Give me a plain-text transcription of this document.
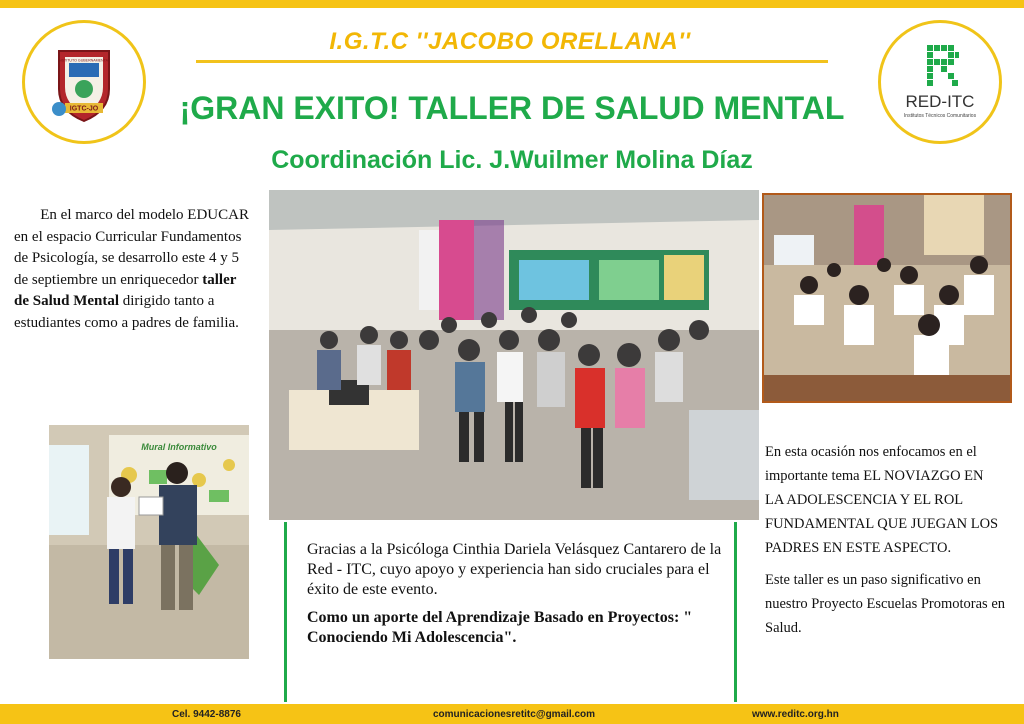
IGTC-JO
INSTITUTO GUBERNAMENTAL
RED-ITC
Institutos Técnicos Comunitarios
I.G.T.C ''JACOBO ORELLANA''
¡GRAN EXITO! TALLER DE SALUD MENTAL
Coordinación Lic. J.Wuilmer Molina Díaz
En el marco del modelo EDUCAR en el espacio Curricular Fundamentos de Psicología, se desarrollo este 4 y 5 de septiembre un enriquecedor taller de Salud Mental dirigido tanto a estudiantes como a padres de familia.
Mural Informativo
Gracias a la Psicóloga Cinthia Dariela Velásquez Cantarero de la Red - ITC, cuyo apoyo y experiencia han sido cruciales para el éxito de este evento.
Como un aporte del Aprendizaje Basado en Proyectos: " Conociendo Mi Adolescencia".
En esta ocasión nos enfocamos en el importante tema EL NOVIAZGO EN LA ADOLESCENCIA Y EL ROL FUNDAMENTAL QUE JUEGAN LOS PADRES EN ESTE ASPECTO.
Este taller es un paso significativo en nuestro Proyecto Escuelas Promotoras en Salud.
Cel. 9442-8876	comunicacionesretitc@gmail.com	www.reditc.org.hn
